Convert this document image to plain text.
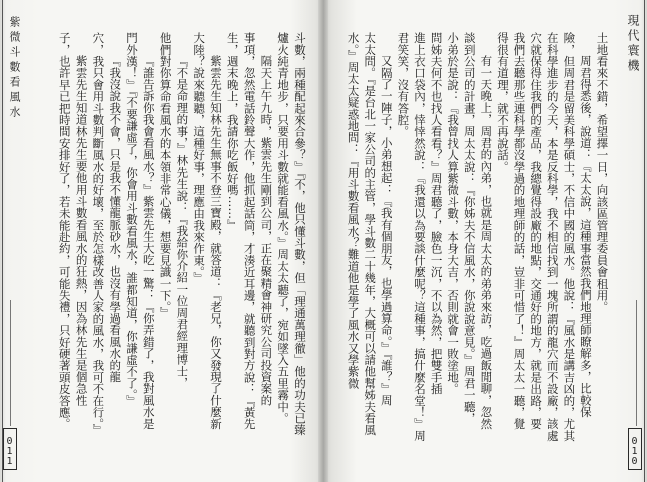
紫微斗數看風水
011
斗數，兩種配起來合參？』『不，他只懂斗數，但「理通萬理徹」他的功夫已臻
爐火純青地步，只要用斗數就能看風水。』周太太聽了，宛如墜入五里霧中。
隔天上午九時，紫雲先生剛到公司，正在聚精會神研究公司投資案的
事項，忽然電話鈴聲大作，他抓起話筒，才湊近耳邊，就聽到對方說：『黃先
生，週末晚上，我請你吃飯好嗎……』
紫雲先生知林先生無事不登三寶殿，就答道：『老兄，你又發現了什麼新
大陸？說來聽聽，這種好事，理應由我來作東。』
『不是命理的事，』林先生說：『我給你介紹一位周君經理博士，
他們對你算命看風水的本領非常心儀，想要見識一下。』
『誰告訴你我會看風水？』紫雲先生大吃一驚：『你弄錯了，我對風水是
門外漢！』『不要謙虛了，你會用斗數看風水，誰都知道，你謙虛不了。』
『我沒說我不會，只是我不懂龍脈砂水，也沒有學過看風水的龍
穴，我只會用斗數判斷風水的好壞，至於怎樣改善人家的風水，我可不在行。』
紫雲先生知道林先生要他用斗數看風水的狂熱，因為林先生是個急性
子，也許早已把時間安排好了，若未能赴約，可能失禮，只好硬著頭皮答應。	現代寰機
010
土地看來不錯，希望擇一日，向該區管理委員會租用。
周君得悉後，說道：『太太說，這種事當然我們地理師瞭解多，比較保
險，但周君是留美科學碩士，不信中國的風水。他說：『風水是講吉凶的，尤其
在科學進步的今天，本是反科學，我不相信找到一塊所謂的龍穴而不設廠，該處
穴就保得住我們的產品，我總覺得設廠的地點，交通好的地方，就是出路，要
我們去聽那些連科學都沒學過的地理師的話，豈非可惜了！』周太太一聽，覺
得很有道理，就不再說話。
有一天晚上，周君的內弟，也就是周太太的弟弟來訪，吃過飯閒聊，忽然
談到公司的計畫，周太太說：『你姊夫不信風水，你說說意見。』周君一聽，
小弟於是說：『我曾找人算紫微斗數，本身大吉，否則就會一敗塗地。
問姊夫何不也找人看看？』周君聽了，臉色一沉，不以為然，把雙手插
進上衣口袋內，悻悻然說：『我還以為要談什麼呢？這種事，搞什麼名堂！』周
君笑笑，沒有答腔。
又隔了一陣子，小弟想起：『我有個朋友，也學過算命。』『誰？』周
太太問。『是台北一家公司的主管，學斗數二十幾年，大概可以請他幫姊夫看風
水。』周太太疑惑地問：『用斗數看風水？難道他是學了風水又學紫微
